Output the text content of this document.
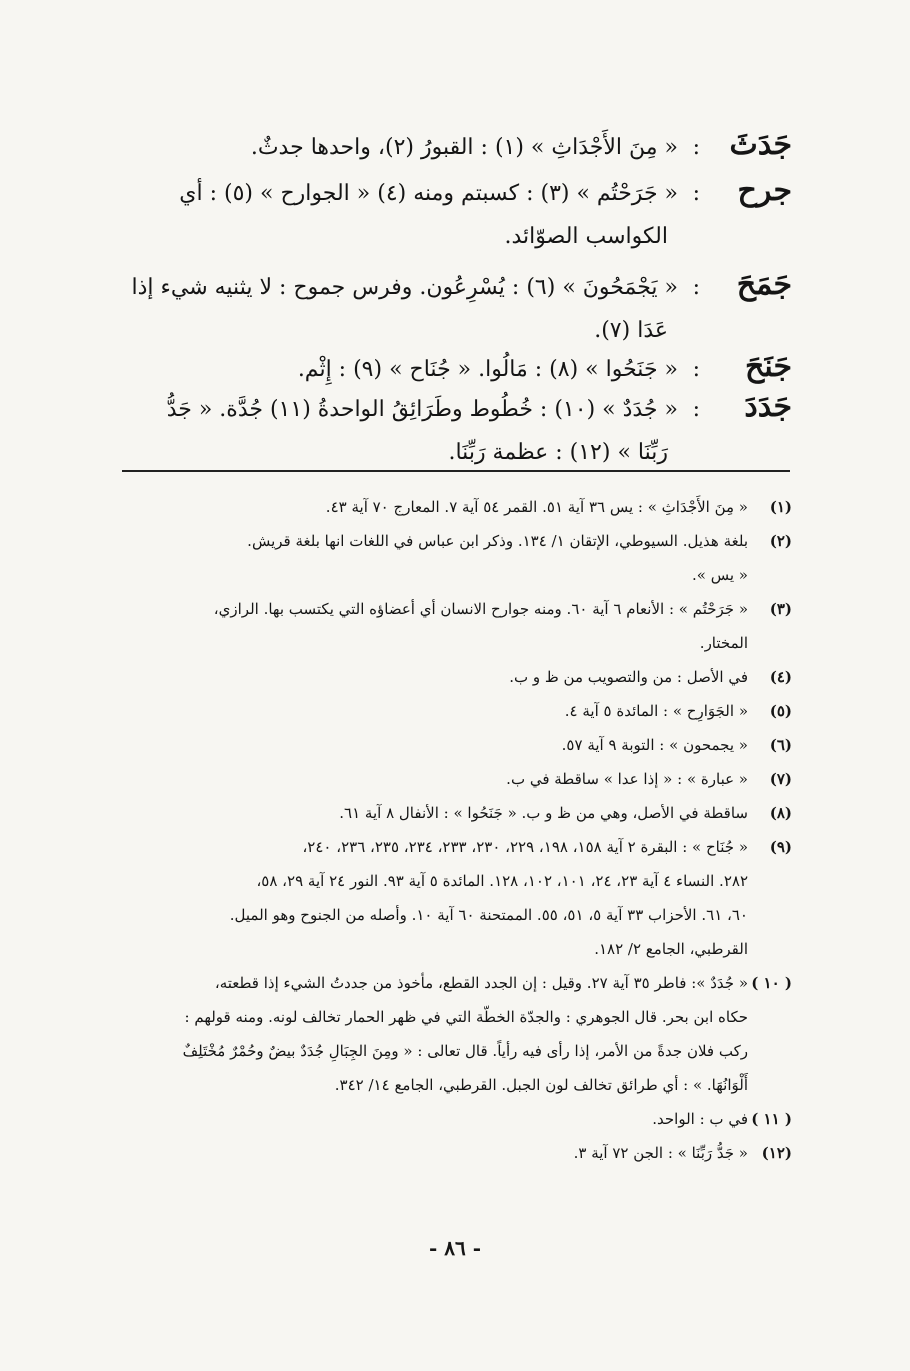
جَدَثَ:« مِنَ الأَجْدَاثِ » (١) : القبورُ (٢)، واحدها جدثٌ.
جرح:« جَرَحْتُم » (٣) : كسبتم ومنه (٤) « الجوارح » (٥) : أي
الكواسب الصوّائد.
جَمَحَ:« يَجْمَحُونَ » (٦) : يُسْرِعُون. وفرس جموح : لا يثنيه شيء إذا
عَدَا (٧).
جَنَحَ:« جَنَحُوا » (٨) : مَالُوا. « جُنَاح » (٩) : إِثْم.
جَدَدَ:« جُدَدٌ » (١٠) : خُطُوط وطَرَائِقُ الواحدةُ (١١) جُدَّة. « جَدُّ
رَبِّنَا » (١٢) : عظمة رَبِّنَا.
(١)« مِنَ الأَجْدَاثِ » : يس ٣٦ آية ٥١. القمر ٥٤ آية ٧. المعارج ٧٠ آية ٤٣.
(٢)بلغة هذيل. السيوطي، الإتقان ١/ ١٣٤. وذكر ابن عباس في اللغات انها بلغة قريش.
« يس ».
(٣)« جَرَحْتُم » : الأنعام ٦ آية ٦٠. ومنه جوارح الانسان أي أعضاؤه التي يكتسب بها. الرازي،
المختار.
(٤)في الأصل : من والتصويب من ظ و ب.
(٥)« الجَوَارِح » : المائدة ٥ آية ٤.
(٦)« يجمحون » : التوبة ٩ آية ٥٧.
(٧)« عبارة » : « إذا عدا » ساقطة في ب.
(٨)ساقطة في الأصل، وهي من ظ و ب. « جَنَحُوا » : الأنفال ٨ آية ٦١.
(٩)« جُنَاح » : البقرة ٢ آية ١٥٨، ١٩٨، ٢٢٩، ٢٣٠، ٢٣٣، ٢٣٤، ٢٣٥، ٢٣٦، ٢٤٠،
٢٨٢. النساء ٤ آية ٢٣، ٢٤، ١٠١، ١٠٢، ١٢٨. المائدة ٥ آية ٩٣. النور ٢٤ آية ٢٩، ٥٨،
٦٠، ٦١. الأحزاب ٣٣ آية ٥، ٥١، ٥٥. الممتحنة ٦٠ آية ١٠. وأصله من الجنوح وهو الميل.
القرطبي، الجامع ٢/ ١٨٢.
( ١٠ )« جُدَدٌ »: فاطر ٣٥ آية ٢٧. وقيل : إن الجدد القطع، مأخوذ من جددتُ الشيء إذا قطعته،
حكاه ابن بحر. قال الجوهري : والجدّة الخطّة التي في ظهر الحمار تخالف لونه. ومنه قولهم :
ركب فلان جدةً من الأمر، إذا رأى فيه رأياً. قال تعالى : « ومِنَ الجِبَالِ جُدَدٌ بيضٌ وحُمْرٌ مُخْتَلِفٌ
أَلْوَانُهَا. » : أي طرائق تخالف لون الجبل. القرطبي، الجامع ١٤/ ٣٤٢.
( ١١ )في ب : الواحد.
(١٢)« جَدُّ رَبِّنَا » : الجن ٧٢ آية ٣.
- ٨٦ -
